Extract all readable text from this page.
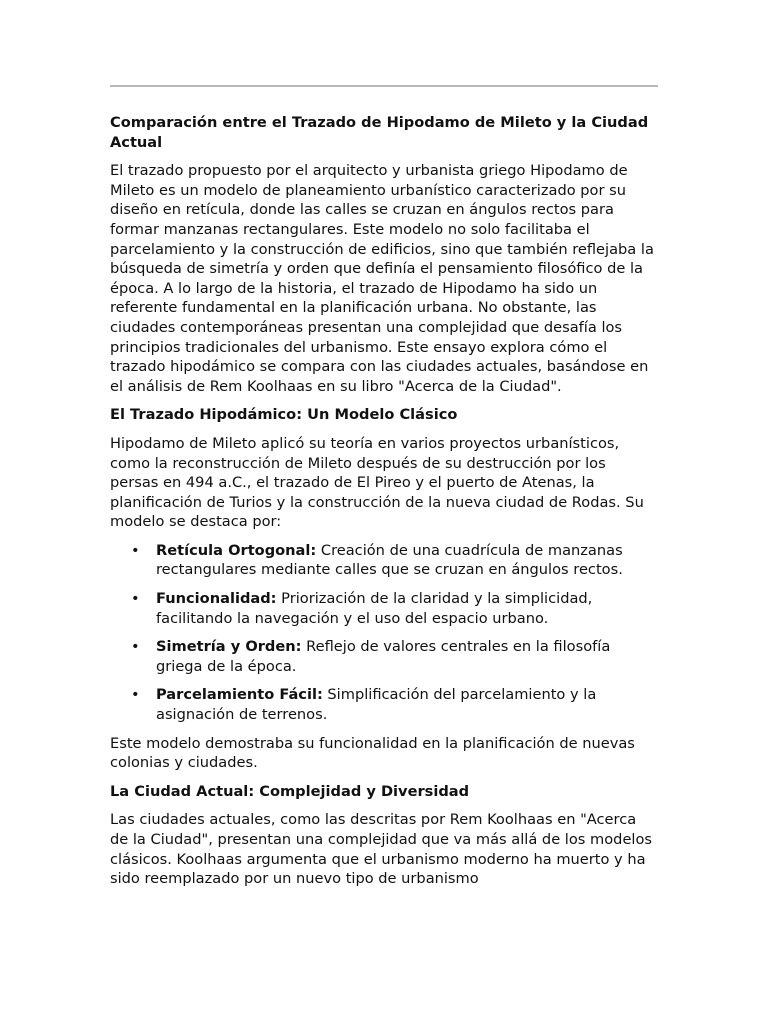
Comparación entre el Trazado de Hipodamo de Mileto y la Ciudad Actual

El trazado propuesto por el arquitecto y urbanista griego Hipodamo de Mileto es un modelo de planeamiento urbanístico caracterizado por su diseño en retícula, donde las calles se cruzan en ángulos rectos para formar manzanas rectangulares. Este modelo no solo facilitaba el parcelamiento y la construcción de edificios, sino que también reflejaba la búsqueda de simetría y orden que definía el pensamiento filosófico de la época. A lo largo de la historia, el trazado de Hipodamo ha sido un referente fundamental en la planificación urbana. No obstante, las ciudades contemporáneas presentan una complejidad que desafía los principios tradicionales del urbanismo. Este ensayo explora cómo el trazado hipodámico se compara con las ciudades actuales, basándose en el análisis de Rem Koolhaas en su libro "Acerca de la Ciudad".

El Trazado Hipodámico: Un Modelo Clásico

Hipodamo de Mileto aplicó su teoría en varios proyectos urbanísticos, como la reconstrucción de Mileto después de su destrucción por los persas en 494 a.C., el trazado de El Pireo y el puerto de Atenas, la planificación de Turios y la construcción de la nueva ciudad de Rodas. Su modelo se destaca por:

• Retícula Ortogonal: Creación de una cuadrícula de manzanas rectangulares mediante calles que se cruzan en ángulos rectos.
• Funcionalidad: Priorización de la claridad y la simplicidad, facilitando la navegación y el uso del espacio urbano.
• Simetría y Orden: Reflejo de valores centrales en la filosofía griega de la época.
• Parcelamiento Fácil: Simplificación del parcelamiento y la asignación de terrenos.

Este modelo demostraba su funcionalidad en la planificación de nuevas colonias y ciudades.

La Ciudad Actual: Complejidad y Diversidad

Las ciudades actuales, como las descritas por Rem Koolhaas en "Acerca de la Ciudad", presentan una complejidad que va más allá de los modelos clásicos. Koolhaas argumenta que el urbanismo moderno ha muerto y ha sido reemplazado por un nuevo tipo de urbanismo
